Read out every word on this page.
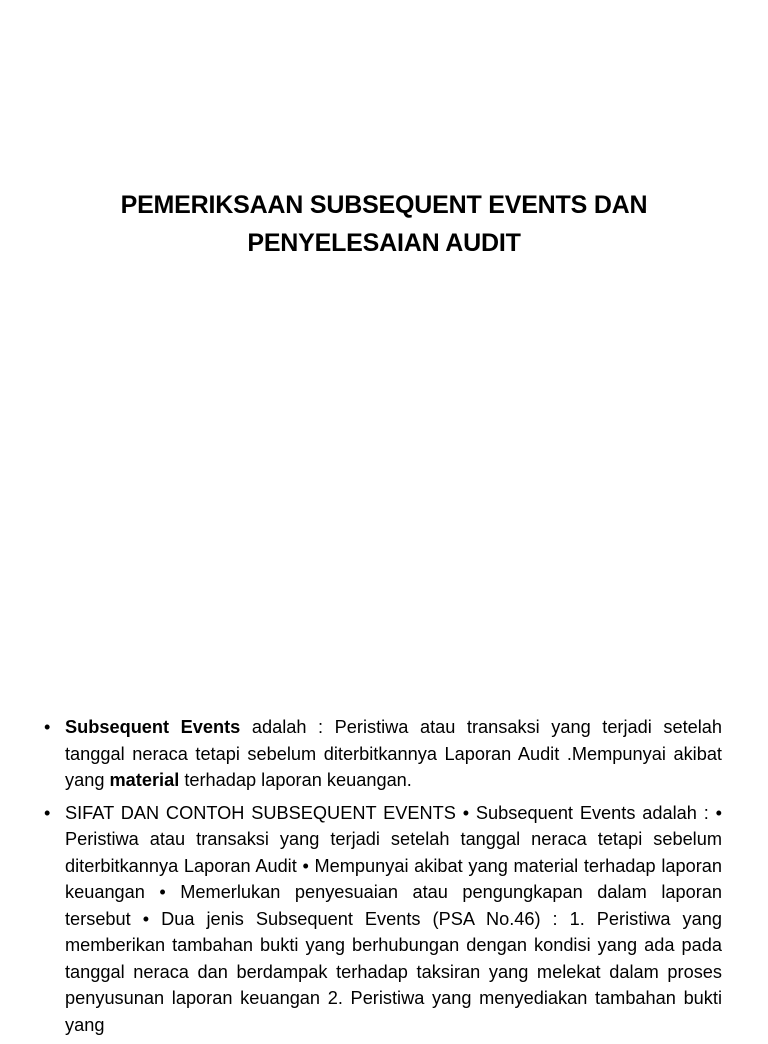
PEMERIKSAAN SUBSEQUENT EVENTS DAN
PENYELESAIAN AUDIT
• Subsequent Events adalah : Peristiwa atau transaksi yang terjadi setelah tanggal neraca tetapi sebelum diterbitkannya Laporan Audit .Mempunyai akibat yang material terhadap laporan keuangan.
• SIFAT DAN CONTOH SUBSEQUENT EVENTS • Subsequent Events adalah : • Peristiwa atau transaksi yang terjadi setelah tanggal neraca tetapi sebelum diterbitkannya Laporan Audit • Mempunyai akibat yang material terhadap laporan keuangan • Memerlukan penyesuaian atau pengungkapan dalam laporan tersebut • Dua jenis Subsequent Events (PSA No.46) : 1. Peristiwa yang memberikan tambahan bukti yang berhubungan dengan kondisi yang ada pada tanggal neraca dan berdampak terhadap taksiran yang melekat dalam proses penyusunan laporan keuangan 2. Peristiwa yang menyediakan tambahan bukti yang
